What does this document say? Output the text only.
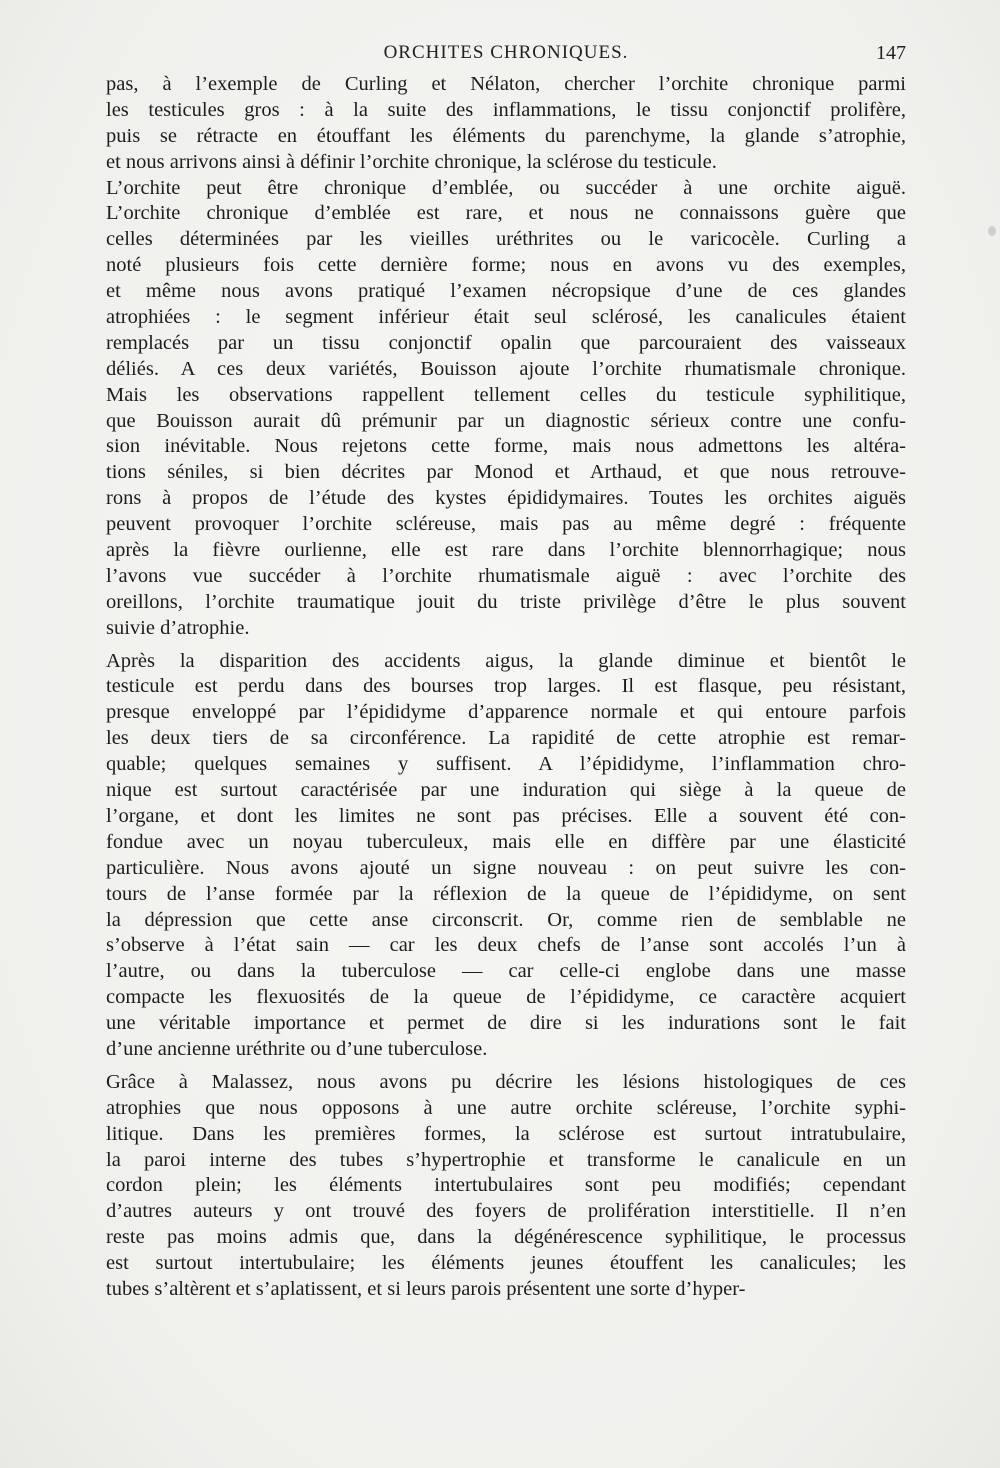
ORCHITES CHRONIQUES.	147
pas, à l’exemple de Curling et Nélaton, chercher l’orchite chronique parmi
les testicules gros : à la suite des inflammations, le tissu conjonctif prolifère,
puis se rétracte en étouffant les éléments du parenchyme, la glande s’atrophie,
et nous arrivons ainsi à définir l’orchite chronique, la sclérose du testicule.
L’orchite peut être chronique d’emblée, ou succéder à une orchite aiguë.
L’orchite chronique d’emblée est rare, et nous ne connaissons guère que
celles déterminées par les vieilles uréthrites ou le varicocèle. Curling a
noté plusieurs fois cette dernière forme; nous en avons vu des exemples,
et même nous avons pratiqué l’examen nécropsique d’une de ces glandes
atrophiées : le segment inférieur était seul sclérosé, les canalicules étaient
remplacés par un tissu conjonctif opalin que parcouraient des vaisseaux
déliés. A ces deux variétés, Bouisson ajoute l’orchite rhumatismale chronique.
Mais les observations rappellent tellement celles du testicule syphilitique,
que Bouisson aurait dû prémunir par un diagnostic sérieux contre une confu-
sion inévitable. Nous rejetons cette forme, mais nous admettons les altéra-
tions séniles, si bien décrites par Monod et Arthaud, et que nous retrouve-
rons à propos de l’étude des kystes épididymaires. Toutes les orchites aiguës
peuvent provoquer l’orchite scléreuse, mais pas au même degré : fréquente
après la fièvre ourlienne, elle est rare dans l’orchite blennorrhagique; nous
l’avons vue succéder à l’orchite rhumatismale aiguë : avec l’orchite des
oreillons, l’orchite traumatique jouit du triste privilège d’être le plus souvent
suivie d’atrophie.
Après la disparition des accidents aigus, la glande diminue et bientôt le
testicule est perdu dans des bourses trop larges. Il est flasque, peu résistant,
presque enveloppé par l’épididyme d’apparence normale et qui entoure parfois
les deux tiers de sa circonférence. La rapidité de cette atrophie est remar-
quable; quelques semaines y suffisent. A l’épididyme, l’inflammation chro-
nique est surtout caractérisée par une induration qui siège à la queue de
l’organe, et dont les limites ne sont pas précises. Elle a souvent été con-
fondue avec un noyau tuberculeux, mais elle en diffère par une élasticité
particulière. Nous avons ajouté un signe nouveau : on peut suivre les con-
tours de l’anse formée par la réflexion de la queue de l’épididyme, on sent
la dépression que cette anse circonscrit. Or, comme rien de semblable ne
s’observe à l’état sain — car les deux chefs de l’anse sont accolés l’un à
l’autre, ou dans la tuberculose — car celle-ci englobe dans une masse
compacte les flexuosités de la queue de l’épididyme, ce caractère acquiert
une véritable importance et permet de dire si les indurations sont le fait
d’une ancienne uréthrite ou d’une tuberculose.
Grâce à Malassez, nous avons pu décrire les lésions histologiques de ces
atrophies que nous opposons à une autre orchite scléreuse, l’orchite syphi-
litique. Dans les premières formes, la sclérose est surtout intratubulaire,
la paroi interne des tubes s’hypertrophie et transforme le canalicule en un
cordon plein; les éléments intertubulaires sont peu modifiés; cependant
d’autres auteurs y ont trouvé des foyers de prolifération interstitielle. Il n’en
reste pas moins admis que, dans la dégénérescence syphilitique, le processus
est surtout intertubulaire; les éléments jeunes étouffent les canalicules; les
tubes s’altèrent et s’aplatissent, et si leurs parois présentent une sorte d’hyper-
